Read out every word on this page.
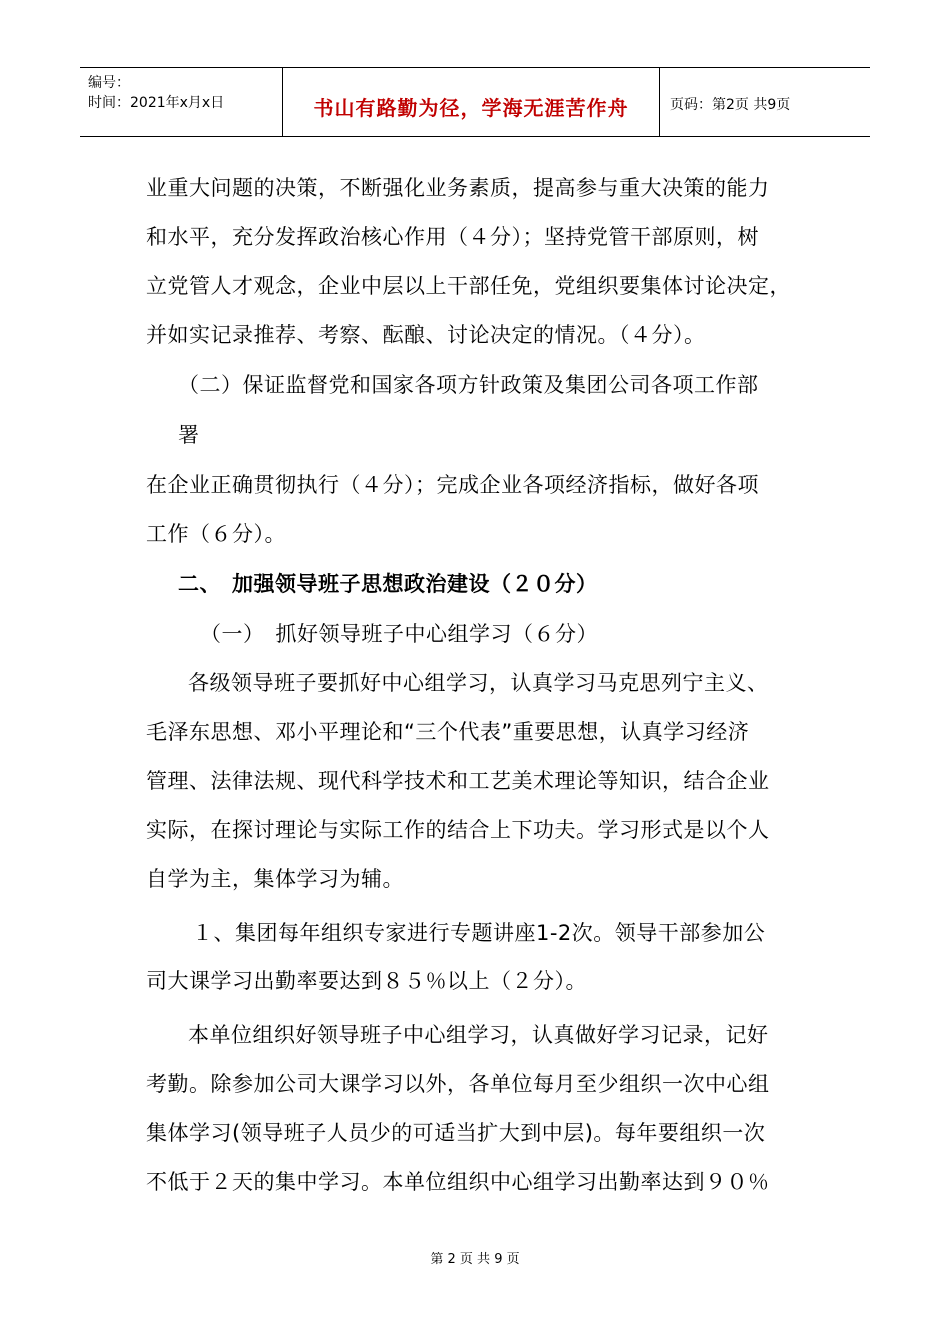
编号：
时间：2021年x月x日	书山有路勤为径，学海无涯苦作舟	页码：第2页 共9页
业重大问题的决策，不断强化业务素质，提高参与重大决策的能力
和水平，充分发挥政治核心作用（４分）；坚持党管干部原则，树
立党管人才观念，企业中层以上干部任免，党组织要集体讨论决定，
并如实记录推荐、考察、酝酿、讨论决定的情况。（４分）。
（二）保证监督党和国家各项方针政策及集团公司各项工作部
署
在企业正确贯彻执行（４分）；完成企业各项经济指标，做好各项
工作（６分）。
二、　加强领导班子思想政治建设（２０分）
（一）　抓好领导班子中心组学习（６分）
各级领导班子要抓好中心组学习，认真学习马克思列宁主义、
毛泽东思想、邓小平理论和“三个代表”重要思想，认真学习经济
管理、法律法规、现代科学技术和工艺美术理论等知识，结合企业
实际，在探讨理论与实际工作的结合上下功夫。学习形式是以个人
自学为主，集体学习为辅。
１、集团每年组织专家进行专题讲座1-2次。领导干部参加公
司大课学习出勤率要达到８５％以上（２分）。
本单位组织好领导班子中心组学习，认真做好学习记录，记好
考勤。除参加公司大课学习以外，各单位每月至少组织一次中心组
集体学习(领导班子人员少的可适当扩大到中层)。每年要组织一次
不低于２天的集中学习。本单位组织中心组学习出勤率达到９０％
第 2 页 共 9 页
